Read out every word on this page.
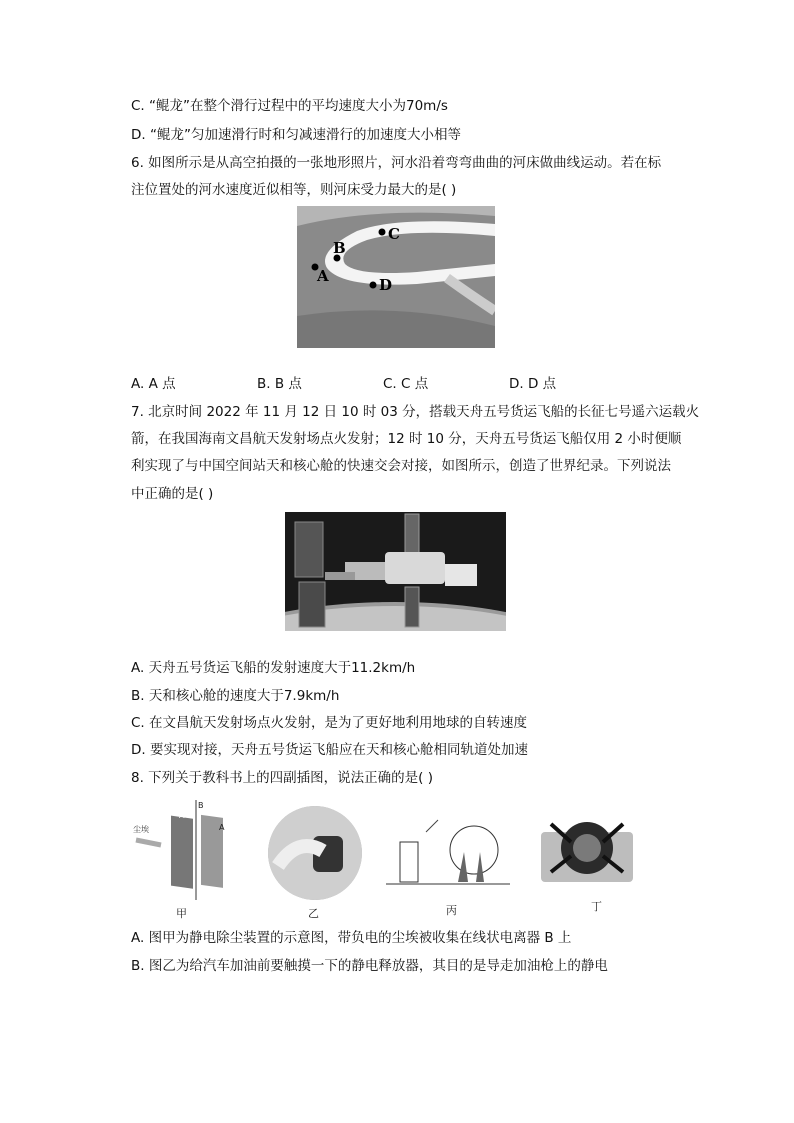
C. “鲲龙”在整个滑行过程中的平均速度大小为70m/s
D. “鲲龙”匀加速滑行时和匀减速滑行的加速度大小相等
6. 如图所示是从高空拍摄的一张地形照片，河水沿着弯弯曲曲的河床做曲线运动。若在标
注位置处的河水速度近似相等，则河床受力最大的是( )
A
B
C
D
A. A 点	B. B 点	C. C 点	D. D 点
7. 北京时间 2022 年 11 月 12 日 10 时 03 分，搭载天舟五号货运飞船的长征七号遥六运载火
箭，在我国海南文昌航天发射场点火发射；12 时 10 分，天舟五号货运飞船仅用 2 小时便顺
利实现了与中国空间站天和核心舱的快速交会对接，如图所示，创造了世界纪录。下列说法
中正确的是( )
A. 天舟五号货运飞船的发射速度大于11.2km/h
B. 天和核心舱的速度大于7.9km/h
C. 在文昌航天发射场点火发射，是为了更好地利用地球的自转速度
D. 要实现对接，天舟五号货运飞船应在天和核心舱相同轨道处加速
8. 下列关于教科书上的四副插图，说法正确的是( )
尘埃
A
A
B
甲	乙	丙	丁
A. 图甲为静电除尘装置的示意图，带负电的尘埃被收集在线状电离器 B 上
B. 图乙为给汽车加油前要触摸一下的静电释放器，其目的是导走加油枪上的静电
